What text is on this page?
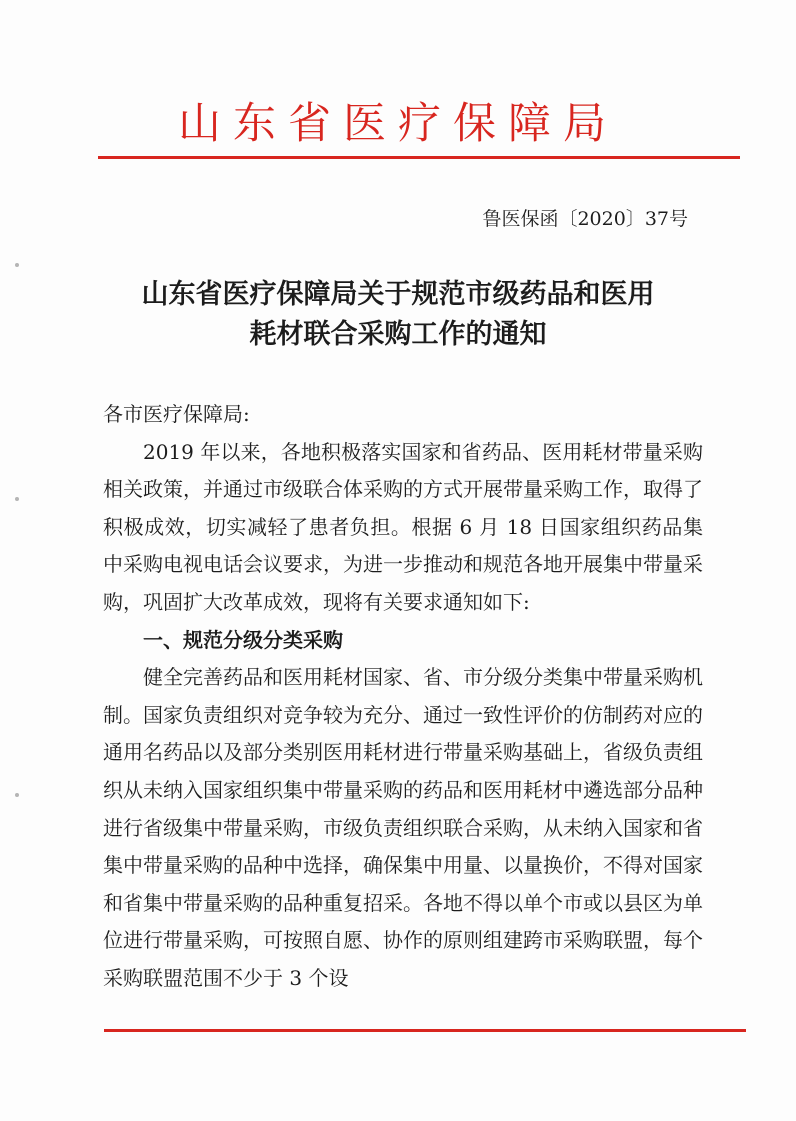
山东省医疗保障局
鲁医保函〔2020〕37号
山东省医疗保障局关于规范市级药品和医用
耗材联合采购工作的通知

各市医疗保障局:

2019 年以来，各地积极落实国家和省药品、医用耗材带量采购相关政策，并通过市级联合体采购的方式开展带量采购工作，取得了积极成效，切实减轻了患者负担。根据 6 月 18 日国家组织药品集中采购电视电话会议要求，为进一步推动和规范各地开展集中带量采购，巩固扩大改革成效，现将有关要求通知如下:

一、规范分级分类采购

健全完善药品和医用耗材国家、省、市分级分类集中带量采购机制。国家负责组织对竞争较为充分、通过一致性评价的仿制药对应的通用名药品以及部分类别医用耗材进行带量采购基础上，省级负责组织从未纳入国家组织集中带量采购的药品和医用耗材中遴选部分品种进行省级集中带量采购，市级负责组织联合采购，从未纳入国家和省集中带量采购的品种中选择，确保集中用量、以量换价，不得对国家和省集中带量采购的品种重复招采。各地不得以单个市或以县区为单位进行带量采购，可按照自愿、协作的原则组建跨市采购联盟，每个采购联盟范围不少于 3 个设
